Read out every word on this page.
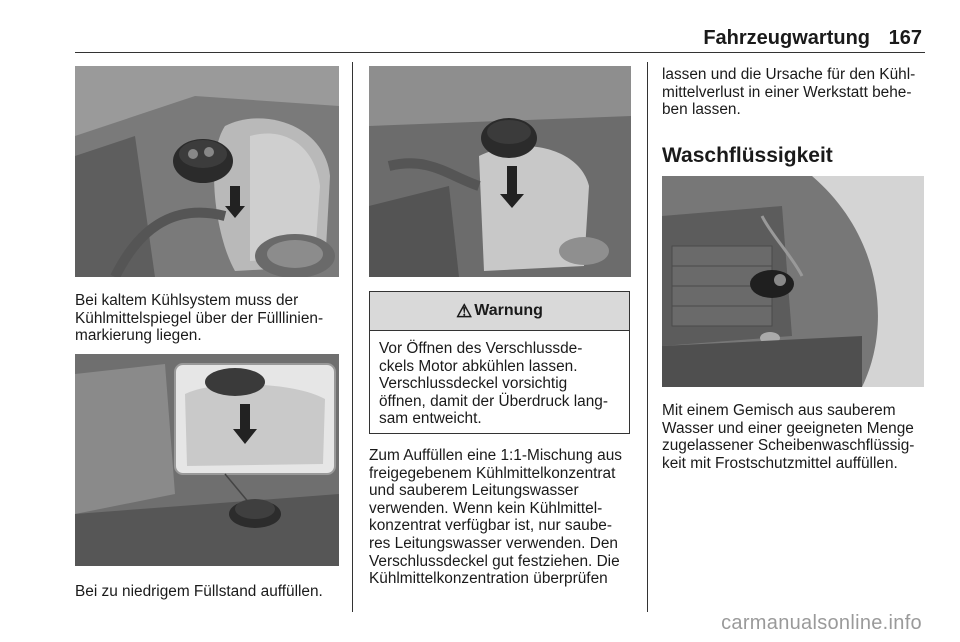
Fahrzeugwartung 167
Bei kaltem Kühlsystem muss der
Kühlmittelspiegel über der Fülllinien-
markierung liegen.
Bei zu niedrigem Füllstand auffüllen.
⚠ Warnung
Vor Öffnen des Verschlussde-
ckels Motor abkühlen lassen.
Verschlussdeckel vorsichtig
öffnen, damit der Überdruck lang-
sam entweicht.
Zum Auffüllen eine 1:1-Mischung aus
freigegebenem Kühlmittelkonzentrat
und sauberem Leitungswasser
verwenden. Wenn kein Kühlmittel-
konzentrat verfügbar ist, nur saube-
res Leitungswasser verwenden. Den
Verschlussdeckel gut festziehen. Die
Kühlmittelkonzentration überprüfen
lassen und die Ursache für den Kühl-
mittelverlust in einer Werkstatt behe-
ben lassen.
Waschflüssigkeit
Mit einem Gemisch aus sauberem
Wasser und einer geeigneten Menge
zugelassener Scheibenwaschflüssig-
keit mit Frostschutzmittel auffüllen.
carmanualsonline.info
